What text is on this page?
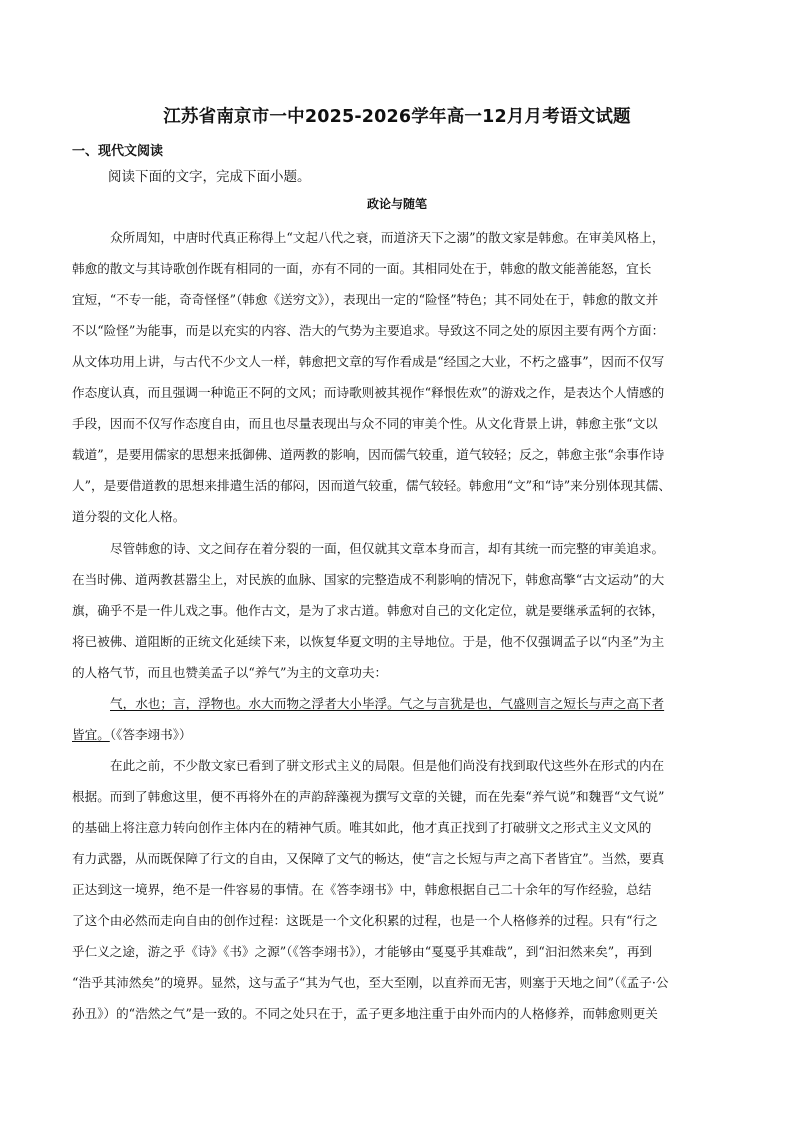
江苏省南京市一中2025-2026学年高一12月月考语文试题
一、现代文阅读
阅读下面的文字，完成下面小题。
政论与随笔
众所周知，中唐时代真正称得上“文起八代之衰，而道济天下之溺”的散文家是韩愈。在审美风格上，
韩愈的散文与其诗歌创作既有相同的一面，亦有不同的一面。其相同处在于，韩愈的散文能善能怒，宜长
宜短，“不专一能，奇奇怪怪”（韩愈《送穷文》），表现出一定的“险怪”特色；其不同处在于，韩愈的散文并
不以“险怪”为能事，而是以充实的内容、浩大的气势为主要追求。导致这不同之处的原因主要有两个方面：
从文体功用上讲，与古代不少文人一样，韩愈把文章的写作看成是“经国之大业，不朽之盛事”，因而不仅写
作态度认真，而且强调一种诡正不阿的文风；而诗歌则被其视作“释恨佐欢”的游戏之作，是表达个人情感的
手段，因而不仅写作态度自由，而且也尽量表现出与众不同的审美个性。从文化背景上讲，韩愈主张“文以
载道”，是要用儒家的思想来抵御佛、道两教的影响，因而儒气较重，道气较轻；反之，韩愈主张“余事作诗
人”，是要借道教的思想来排遣生活的郁闷，因而道气较重，儒气较轻。韩愈用“文”和“诗”来分别体现其儒、
道分裂的文化人格。
尽管韩愈的诗、文之间存在着分裂的一面，但仅就其文章本身而言，却有其统一而完整的审美追求。
在当时佛、道两教甚嚣尘上，对民族的血脉、国家的完整造成不利影响的情况下，韩愈高擎“古文运动”的大
旗，确乎不是一件儿戏之事。他作古文，是为了求古道。韩愈对自己的文化定位，就是要继承孟轲的衣钵，
将已被佛、道阻断的正统文化延续下来，以恢复华夏文明的主导地位。于是，他不仅强调孟子以“内圣”为主
的人格气节，而且也赞美孟子以“养气”为主的文章功夫：
气，水也；言，浮物也。水大而物之浮者大小毕浮。气之与言犹是也，气盛则言之短长与声之高下者
皆宜。（《答李翊书》）
在此之前，不少散文家已看到了骈文形式主义的局限。但是他们尚没有找到取代这些外在形式的内在
根据。而到了韩愈这里，便不再将外在的声韵辞藻视为撰写文章的关键，而在先秦“养气说”和魏晋“文气说”
的基础上将注意力转向创作主体内在的精神气质。唯其如此，他才真正找到了打破骈文之形式主义文风的
有力武器，从而既保障了行文的自由，又保障了文气的畅达，使“言之长短与声之高下者皆宜”。当然，要真
正达到这一境界，绝不是一件容易的事情。在《答李翊书》中，韩愈根据自己二十余年的写作经验，总结
了这个由必然而走向自由的创作过程：这既是一个文化积累的过程，也是一个人格修养的过程。只有“行之
乎仁义之途，游之乎《诗》《书》之源”（《答李翊书》），才能够由“戛戛乎其难哉”，到“汩汩然来矣”，再到
“浩乎其沛然矣”的境界。显然，这与孟子“其为气也，至大至刚，以直养而无害，则塞于天地之间”（《孟子·公
孙丑》）的“浩然之气”是一致的。不同之处只在于，孟子更多地注重于由外而内的人格修养，而韩愈则更关
